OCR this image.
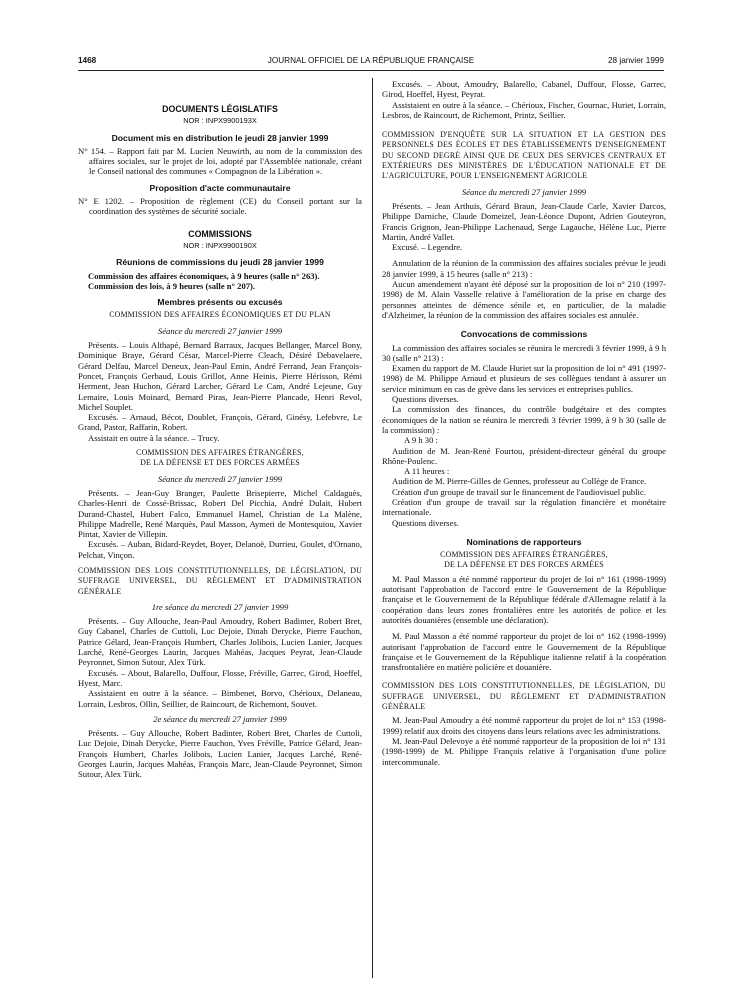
1468	JOURNAL OFFICIEL DE LA RÉPUBLIQUE FRANÇAISE	28 janvier 1999
DOCUMENTS LÉGISLATIFS
NOR : INPX9900193X
Document mis en distribution le jeudi 28 janvier 1999

N° 154. – Rapport fait par M. Lucien Neuwirth, au nom de la commission des affaires sociales, sur le projet de loi, adopté par l'Assemblée nationale, créant le Conseil national des communes « Compagnon de la Libération ».

Proposition d'acte communautaire

N° E 1202. – Proposition de règlement (CE) du Conseil portant sur la coordination des systèmes de sécurité sociale.

COMMISSIONS
NOR : INPX9900190X
Réunions de commissions du jeudi 28 janvier 1999

Commission des affaires économiques, à 9 heures (salle n° 263).

Commission des lois, à 9 heures (salle n° 207).

Membres présents ou excusés
COMMISSION DES AFFAIRES ÉCONOMIQUES ET DU PLAN
Séance du mercredi 27 janvier 1999

Présents. – Louis Althapé, Bernard Barraux, Jacques Bellanger, Marcel Bony, Dominique Braye, Gérard César, Marcel-Pierre Cleach, Désiré Debavelaere, Gérard Delfau, Marcel Deneux, Jean-Paul Emin, André Ferrand, Jean François-Poncet, François Gerbaud, Louis Grillot, Anne Heinis, Pierre Hérisson, Rémi Herment, Jean Huchon, Gérard Larcher, Gérard Le Cam, André Lejeune, Guy Lemaire, Louis Moinard, Bernard Piras, Jean-Pierre Plancade, Henri Revol, Michel Souplet.

Excusés. – Arnaud, Bécot, Doublet, François, Gérard, Ginésy, Lefebvre, Le Grand, Pastor, Raffarin, Robert.

Assistait en outre à la séance. – Trucy.

COMMISSION DES AFFAIRES ÉTRANGÈRES,
DE LA DÉFENSE ET DES FORCES ARMÉES
Séance du mercredi 27 janvier 1999

Présents. – Jean-Guy Branger, Paulette Brisepierre, Michel Caldaguès, Charles-Henri de Cossé-Brissac, Robert Del Picchia, André Dulait, Hubert Durand-Chastel, Hubert Falco, Emmanuel Hamel, Christian de La Malène, Philippe Madrelle, René Marquès, Paul Masson, Aymeri de Montesquiou, Xavier Pintat, Xavier de Villepin.

Excusés. – Auban, Bidard-Reydet, Boyer, Delanoë, Durrieu, Goulet, d'Ornano, Pelchat, Vinçon.

COMMISSION DES LOIS CONSTITUTIONNELLES, DE LÉGISLATION, DU SUFFRAGE UNIVERSEL, DU RÈGLEMENT ET D'ADMINISTRATION GÉNÉRALE
1re séance du mercredi 27 janvier 1999

Présents. – Guy Allouche, Jean-Paul Amoudry, Robert Badinter, Robert Bret, Guy Cabanel, Charles de Cuttoli, Luc Dejoie, Dinah Derycke, Pierre Fauchon, Patrice Gélard, Jean-François Humbert, Charles Jolibois, Lucien Lanier, Jacques Larché, René-Georges Laurin, Jacques Mahéas, Jacques Peyrat, Jean-Claude Peyronnet, Simon Sutour, Alex Türk.

Excusés. – About, Balarello, Duffour, Flosse, Fréville, Garrec, Girod, Hoeffel, Hyest, Marc.

Assistaient en outre à la séance. – Bimbenet, Borvo, Chérioux, Delaneau, Lorrain, Lesbros, Ollin, Seillier, de Raincourt, de Richemont, Souvet.

2e séance du mercredi 27 janvier 1999

Présents. – Guy Allouche, Robert Badinter, Robert Bret, Charles de Cuttoli, Luc Dejoie, Dinah Derycke, Pierre Fauchon, Yves Fréville, Patrice Gélard, Jean-François Humbert, Charles Jolibois, Lucien Lanier, Jacques Larché, René-Georges Laurin, Jacques Mahéas, François Marc, Jean-Claude Peyronnet, Simon Sutour, Alex Türk.

Excusés. – About, Amoudry, Balarello, Cabanel, Duffour, Flosse, Garrec, Girod, Hoeffel, Hyest, Peyrat.

Assistaient en outre à la séance. – Chérioux, Fischer, Gournac, Huriet, Lorrain, Lesbros, de Raincourt, de Richemont, Printz, Seillier.

COMMISSION D'ENQUÊTE SUR LA SITUATION ET LA GESTION DES PERSONNELS DES ÉCOLES ET DES ÉTABLISSEMENTS D'ENSEIGNEMENT DU SECOND DEGRÉ AINSI QUE DE CEUX DES SERVICES CENTRAUX ET EXTÉRIEURS DES MINISTÈRES DE L'ÉDUCATION NATIONALE ET DE L'AGRICULTURE, POUR L'ENSEIGNEMENT AGRICOLE
Séance du mercredi 27 janvier 1999

Présents. – Jean Arthuis, Gérard Braun, Jean-Claude Carle, Xavier Darcos, Philippe Darniche, Claude Domeizel, Jean-Léonce Dupont, Adrien Gouteyron, Francis Grignon, Jean-Philippe Lachenaud, Serge Lagauche, Hélène Luc, Pierre Martin, André Vallet.

Excusé. – Legendre.

Annulation de la réunion de la commission des affaires sociales prévue le jeudi 28 janvier 1999, à 15 heures (salle n° 213) :

Aucun amendement n'ayant été déposé sur la proposition de loi n° 210 (1997-1998) de M. Alain Vasselle relative à l'amélioration de la prise en charge des personnes atteintes de démence sénile et, en particulier, de la maladie d'Alzheimer, la réunion de la commission des affaires sociales est annulée.

Convocations de commissions

La commission des affaires sociales se réunira le mercredi 3 février 1999, à 9 h 30 (salle n° 213) :

Examen du rapport de M. Claude Huriet sur la proposition de loi n° 491 (1997-1998) de M. Philippe Arnaud et plusieurs de ses collègues tendant à assurer un service minimum en cas de grève dans les services et entreprises publics.

Questions diverses.

La commission des finances, du contrôle budgétaire et des comptes économiques de la nation se réunira le mercredi 3 février 1999, à 9 h 30 (salle de la commission) :

A 9 h 30 :

Audition de M. Jean-René Fourtou, président-directeur général du groupe Rhône-Poulenc.

A 11 heures :

Audition de M. Pierre-Gilles de Gennes, professeur au Collège de France.

Création d'un groupe de travail sur le financement de l'audiovisuel public.

Création d'un groupe de travail sur la régulation financière et monétaire internationale.

Questions diverses.

Nominations de rapporteurs
COMMISSION DES AFFAIRES ÉTRANGÈRES,
DE LA DÉFENSE ET DES FORCES ARMÉES

M. Paul Masson a été nommé rapporteur du projet de loi n° 161 (1998-1999) autorisant l'approbation de l'accord entre le Gouvernement de la République française et le Gouvernement de la République fédérale d'Allemagne relatif à la coopération dans leurs zones frontalières entre les autorités de police et les autorités douanières (ensemble une déclaration).

M. Paul Masson a été nommé rapporteur du projet de loi n° 162 (1998-1999) autorisant l'approbation de l'accord entre le Gouvernement de la République française et le Gouvernement de la République italienne relatif à la coopération transfrontalière en matière policière et douanière.

COMMISSION DES LOIS CONSTITUTIONNELLES, DE LÉGISLATION, DU SUFFRAGE UNIVERSEL, DU RÈGLEMENT ET D'ADMINISTRATION GÉNÉRALE

M. Jean-Paul Amoudry a été nommé rapporteur du projet de loi n° 153 (1998-1999) relatif aux droits des citoyens dans leurs relations avec les administrations.

M. Jean-Paul Delevoye a été nommé rapporteur de la proposition de loi n° 131 (1998-1999) de M. Philippe François relative à l'organisation d'une police intercommunale.
